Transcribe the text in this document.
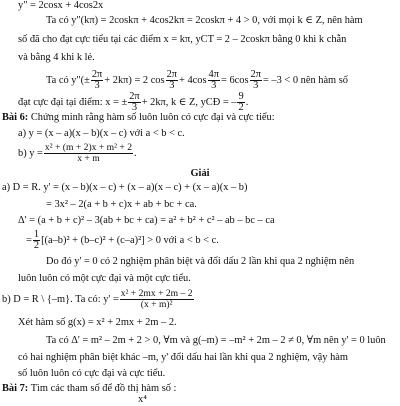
y" = 2cosx + 4cos2x
Ta có y"(kπ) = 2coskπ + 4cos2kπ = 2coskπ + 4 > 0, với mọi k ∈ Z, nên hàm
số đã cho đạt cực tiểu tại các điểm x = kπ, yCT = 2 – 2coskπ bằng 0 khi k chẵn
và bằng 4 khi k lẻ.
Ta có y"(± $\frac{2\pi}{3} + 2k\pi) = 2$ $\cos \frac{2\pi}{3} + 4\cos \frac{4\pi}{3} = 6\cos \frac{2\pi}{3} = -3 < 0$ nên hàm số
đạt cực đại tại điểm: x = ± $\frac{2\pi}{3} + 2k\pi$, k ∈ Z, yCĐ = – $\frac{9}{2}$ .
Bài 6: Chứng minh rằng hàm số luôn luôn có cực đại và cực tiểu:
a) y = (x – a)(x – b)(x – c) với a < b < c.
b) $y = \frac{\text{x² + (m + 2)x + m² + 2}}{x + m}$ .
Giải
a) D = R. y' = (x – b)(x – c) + (x – a)(x – c) + (x – a)(x – b)
= 3x² – 2(a + b + c)x + ab + bc + ca.
Δ' = (a + b + c)² – 3(ab + bc + ca) = a² + b² + c² – ab – bc – ca
= $\frac{1}{2} [(a-b)^2 + (b-c)^2 + (c-a)^2] > 0$ với a < b < c.
Do đó y' = 0 có 2 nghiệm phân biệt và đổi dấu 2 lần khi qua 2 nghiệm nên
luôn luôn có một cực đại và một cực tiểu.
b) D = R \ {–m}. Ta có: $y' = \frac{\text{x² + 2mx + 2m – 2}}{\text{(x + m)²}}$
Xét hàm số g(x) = x² + 2mx + 2m – 2.
Ta có Δ' = m² – 2m + 2 > 0, ∀m và g(–m) = –m² + 2m – 2 ≠ 0, ∀m nên y' = 0 luôn
có hai nghiệm phân biệt khác –m, y' đổi dấu hai lần khi qua 2 nghiệm, vậy hàm
số luôn luôn có cực đại và cực tiểu.
Bài 7: Tìm các tham số để đồ thị hàm số :
x⁴
